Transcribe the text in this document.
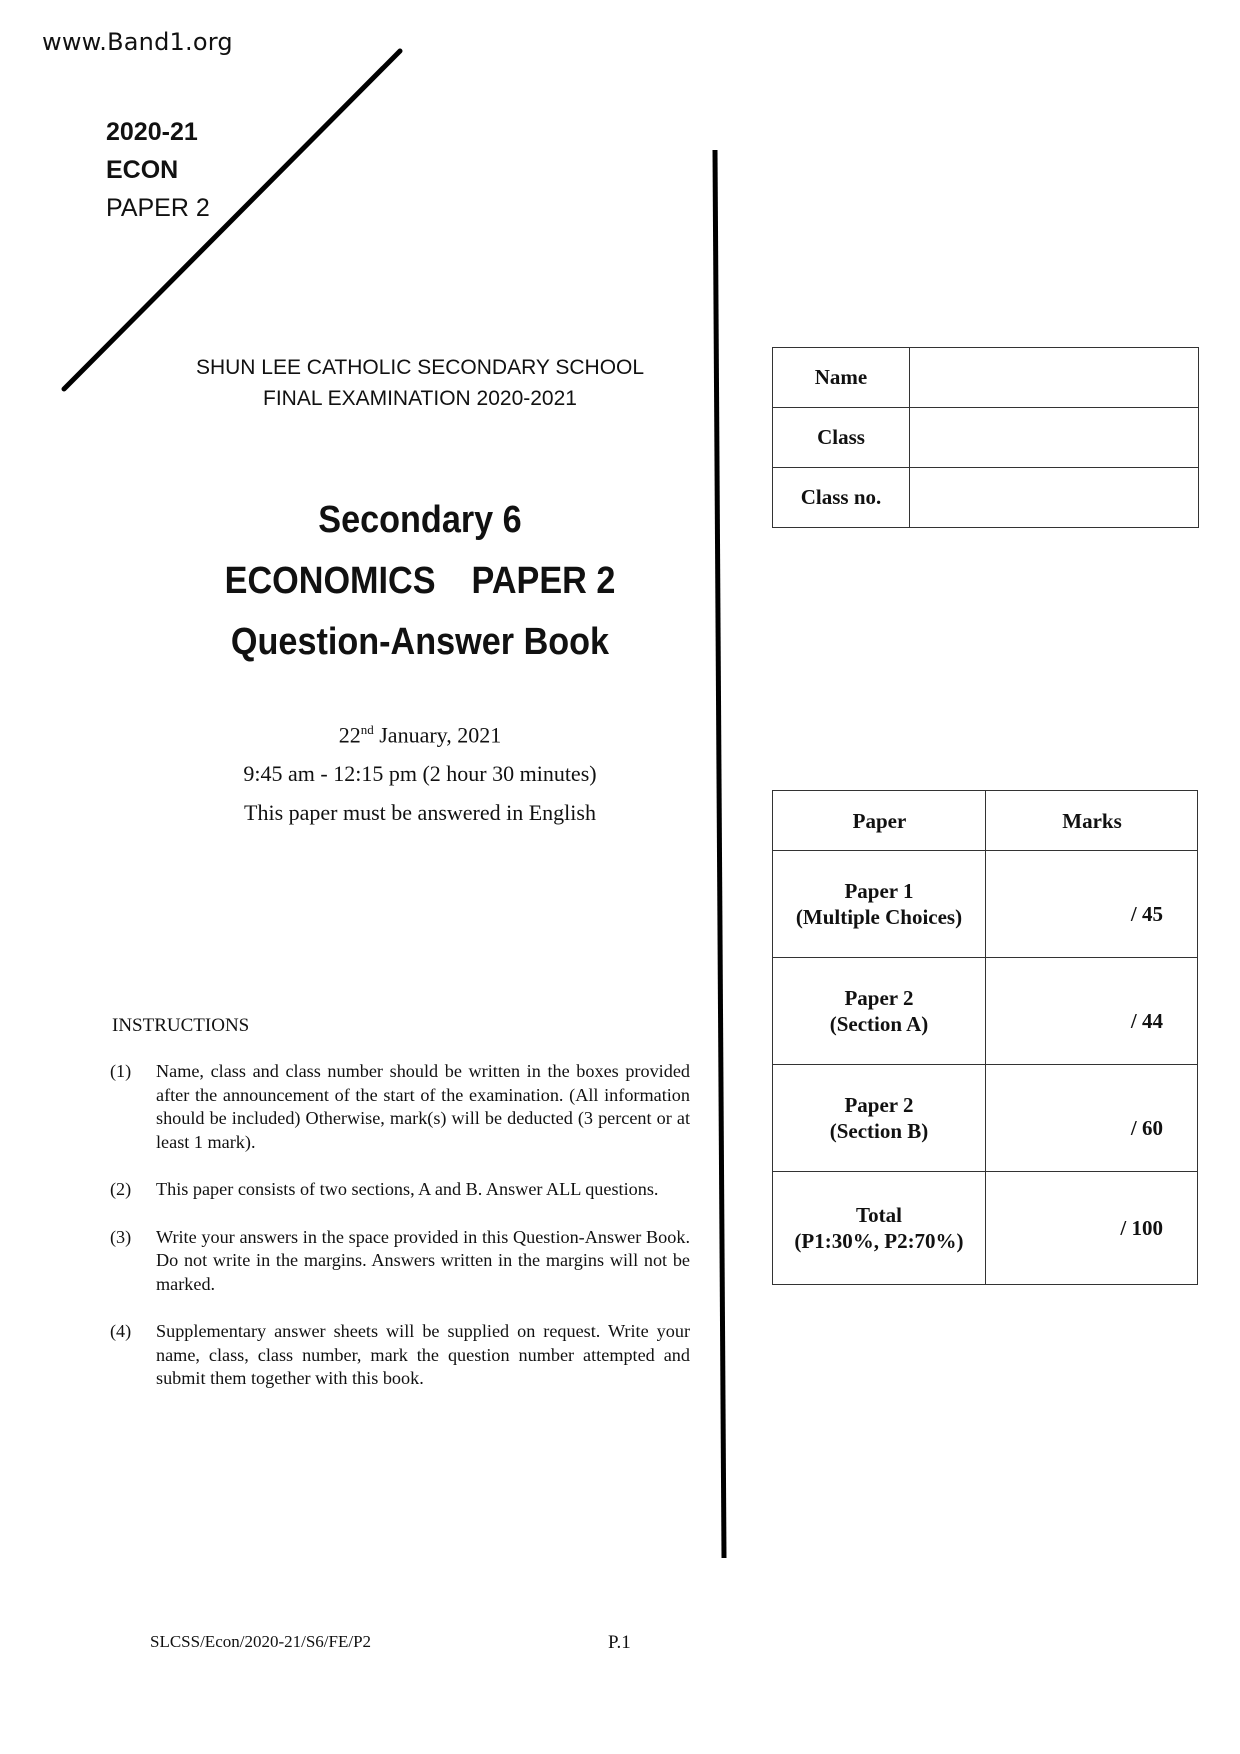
www.Band1.org
2020-21
ECON
PAPER 2
SHUN LEE CATHOLIC SECONDARY SCHOOL
FINAL EXAMINATION 2020-2021
Secondary 6
ECONOMICS PAPER 2
Question-Answer Book
22nd January, 2021
9:45 am - 12:15 pm (2 hour 30 minutes)
This paper must be answered in English
INSTRUCTIONS
(1)	Name, class and class number should be written in the boxes provided after the announcement of the start of the examination. (All information should be included) Otherwise, mark(s) will be deducted (3 percent or at least 1 mark).
(2)	This paper consists of two sections, A and B. Answer ALL questions.
(3)	Write your answers in the space provided in this Question-Answer Book. Do not write in the margins. Answers written in the margins will not be marked.
(4)	Supplementary answer sheets will be supplied on request. Write your name, class, class number, mark the question number attempted and submit them together with this book.
Name	
Class	
Class no.	
Paper	Marks

Paper 1
(Multiple Choices)	/ 45

Paper 2
(Section A)	/ 44

Paper 2
(Section B)	/ 60

Total
(P1:30%, P2:70%)	/ 100
SLCSS/Econ/2020-21/S6/FE/P2	P.1
